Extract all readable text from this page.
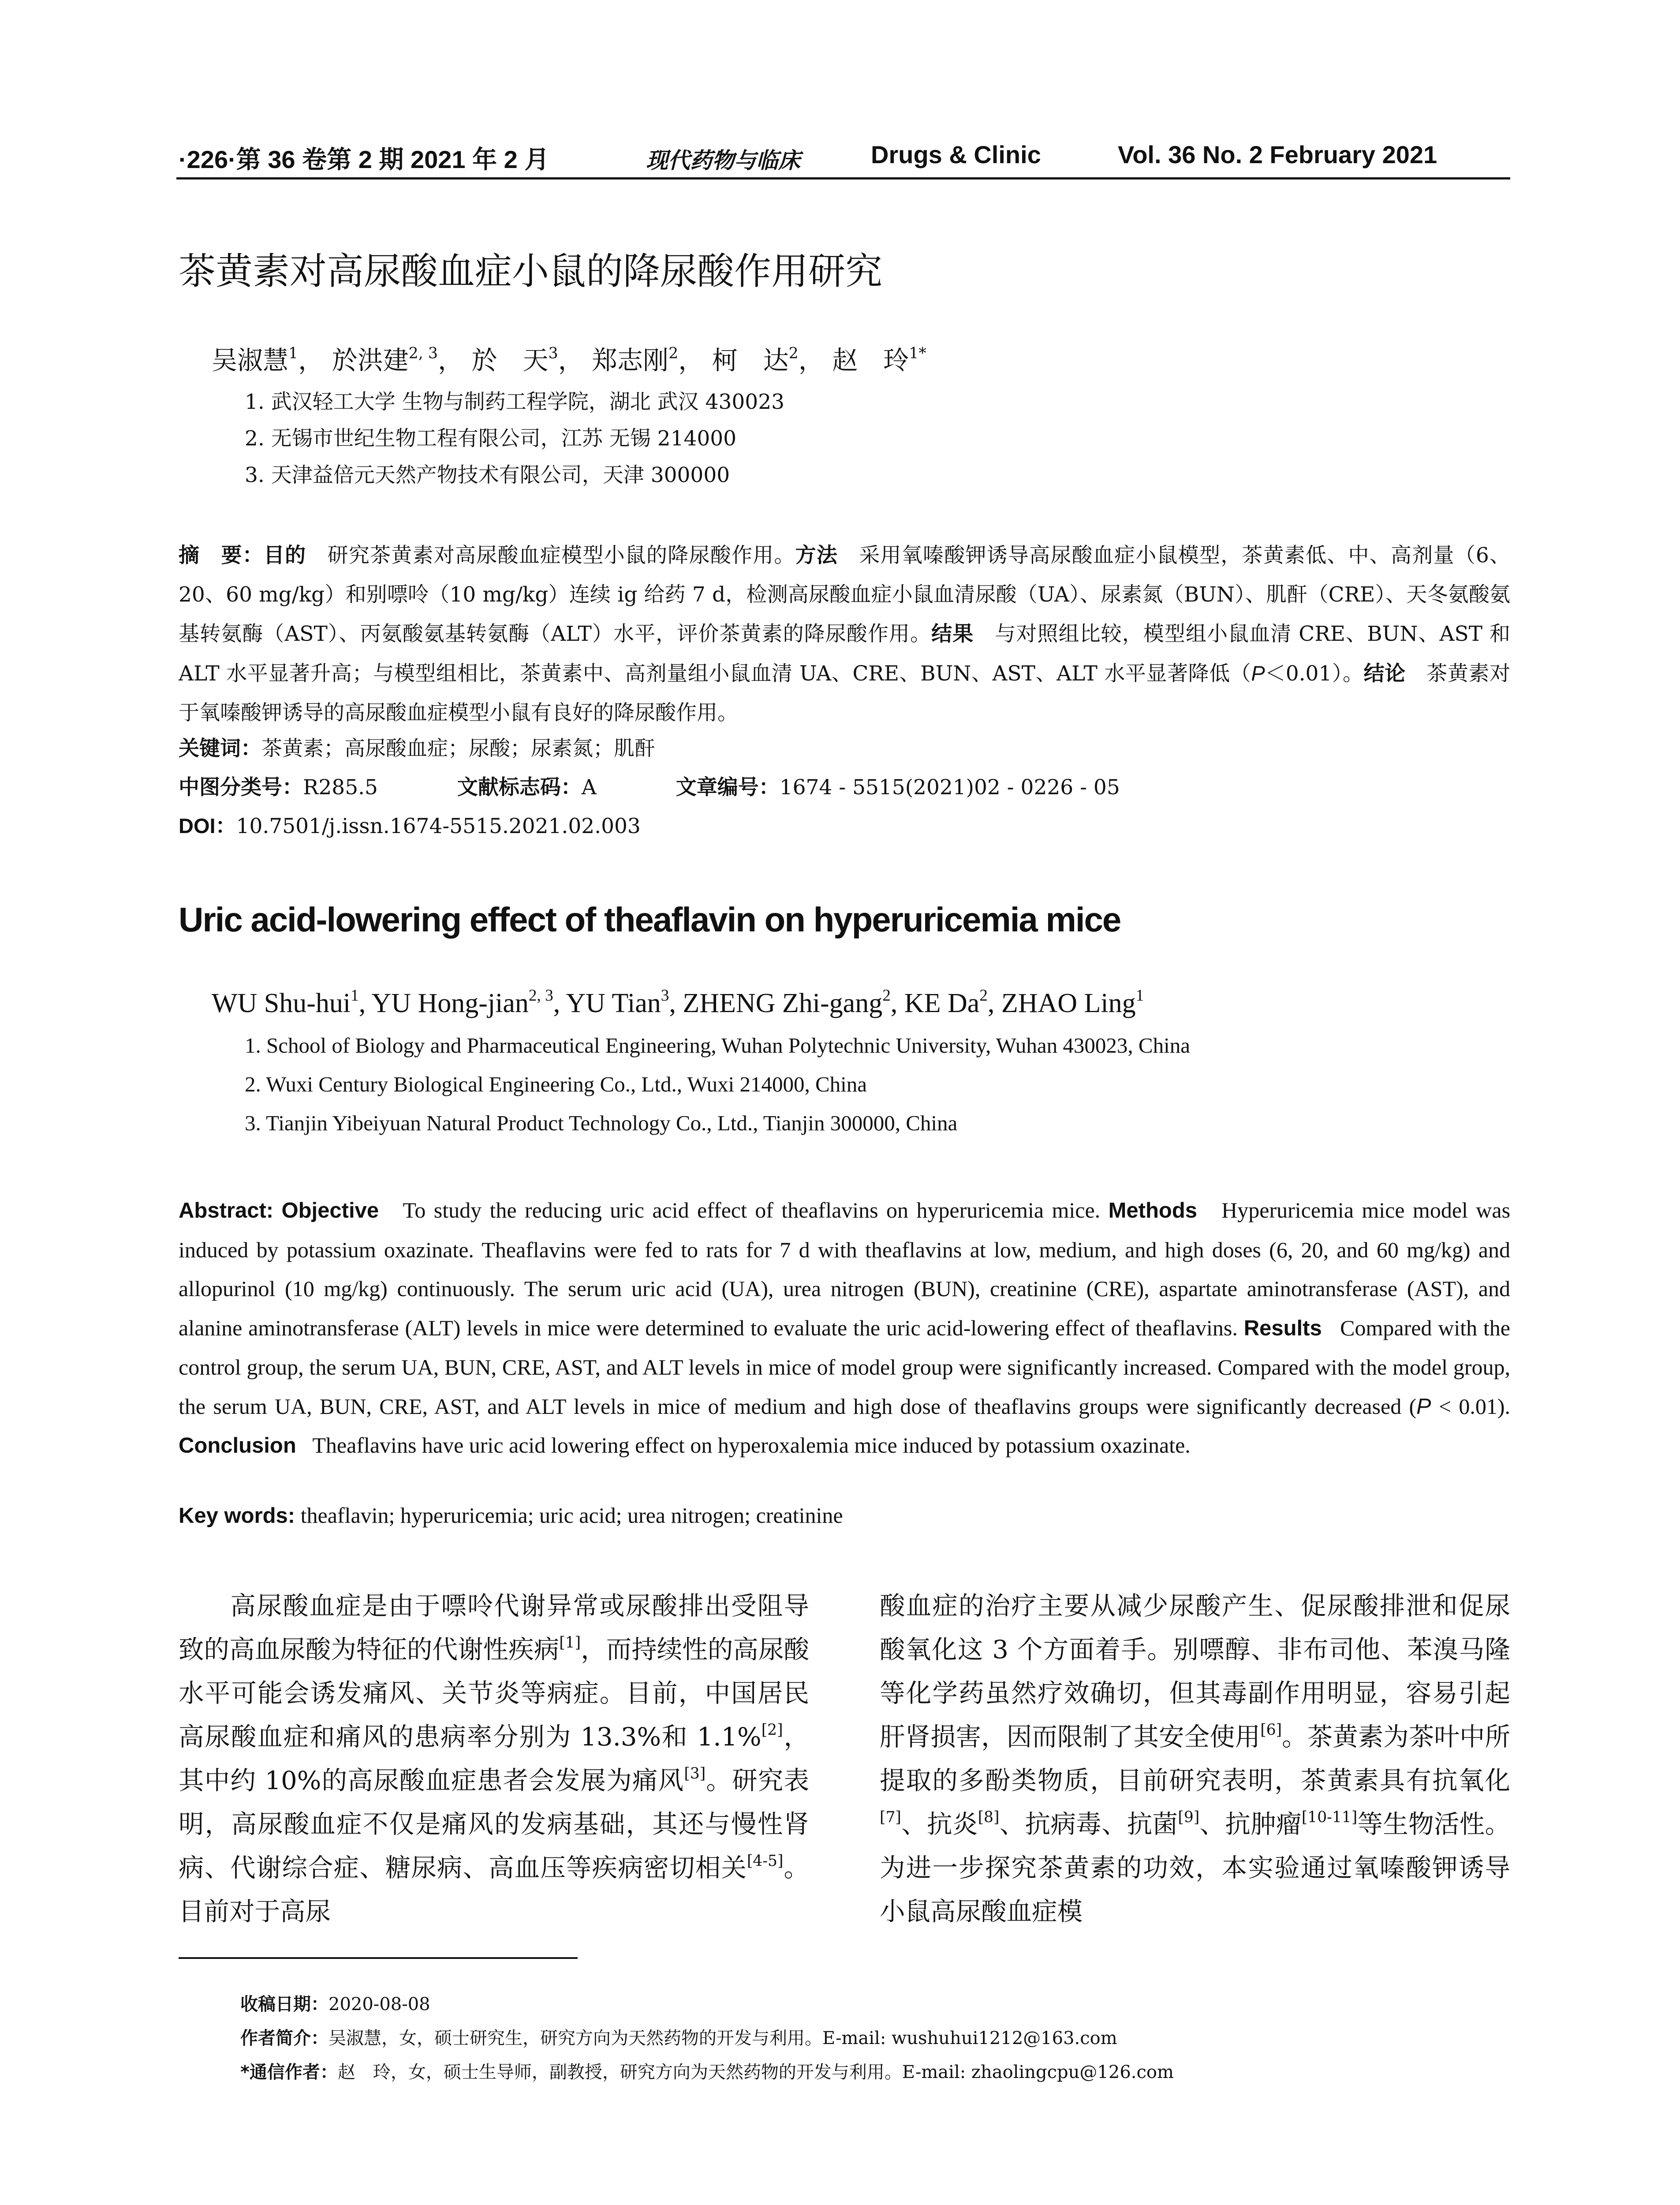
·226·第 36 卷第 2 期 2021 年 2 月	现代药物与临床	Drugs & Clinic	Vol. 36 No. 2 February 2021
茶黄素对高尿酸血症小鼠的降尿酸作用研究
吴淑慧$^1$， 於洪建$^{2, 3}$， 於　天$^3$， 郑志刚$^2$， 柯　达$^2$， 赵　玲$^{1*}$
1. 武汉轻工大学 生物与制药工程学院，湖北 武汉 430023
2. 无锡市世纪生物工程有限公司，江苏 无锡 214000
3. 天津益倍元天然产物技术有限公司，天津 300000
摘　要：目的　 研究茶黄素对高尿酸血症模型小鼠的降尿酸作用。方法　 采用氧嗪酸钾诱导高尿酸血症小鼠模型，茶黄素低、中、高剂量（6、20、60 mg/kg）和别嘌呤（10 mg/kg）连续 ig 给药 7 d，检测高尿酸血症小鼠血清尿酸（UA）、尿素氮（BUN）、肌酐（CRE）、天冬氨酸氨基转氨酶（AST）、丙氨酸氨基转氨酶（ALT）水平，评价茶黄素的降尿酸作用。结果　 与对照组比较，模型组小鼠血清 CRE、BUN、AST 和 ALT 水平显著升高；与模型组相比，茶黄素中、高剂量组小鼠血清 UA、CRE、BUN、AST、ALT 水平显著降低（P＜0.01）。结论　 茶黄素对于氧嗪酸钾诱导的高尿酸血症模型小鼠有良好的降尿酸作用。
关键词：茶黄素；高尿酸血症；尿酸；尿素氮；肌酐
中图分类号：R285.5	文献标志码：A	文章编号：1674 - 5515(2021)02 - 0226 - 05
DOI：10.7501/j.issn.1674-5515.2021.02.003
Uric acid-lowering effect of theaflavin on hyperuricemia mice
WU Shu-hui$^1$, YU Hong-jian$^{2, 3}$, YU Tian$^3$, ZHENG Zhi-gang$^2$, KE Da$^2$, ZHAO Ling$^1$
1. School of Biology and Pharmaceutical Engineering, Wuhan Polytechnic University, Wuhan 430023, China
2. Wuxi Century Biological Engineering Co., Ltd., Wuxi 214000, China
3. Tianjin Yibeiyuan Natural Product Technology Co., Ltd., Tianjin 300000, China
Abstract: Objective To study the reducing uric acid effect of theaflavins on hyperuricemia mice. Methods Hyperuricemia mice model was induced by potassium oxazinate. Theaflavins were fed to rats for 7 d with theaflavins at low, medium, and high doses (6, 20, and 60 mg/kg) and allopurinol (10 mg/kg) continuously. The serum uric acid (UA), urea nitrogen (BUN), creatinine (CRE), aspartate aminotransferase (AST), and alanine aminotransferase (ALT) levels in mice were determined to evaluate the uric acid-lowering effect of theaflavins. Results Compared with the control group, the serum UA, BUN, CRE, AST, and ALT levels in mice of model group were significantly increased. Compared with the model group, the serum UA, BUN, CRE, AST, and ALT levels in mice of medium and high dose of theaflavins groups were significantly decreased (P < 0.01). Conclusion Theaflavins have uric acid lowering effect on hyperoxalemia mice induced by potassium oxazinate.
Key words: theaflavin; hyperuricemia; uric acid; urea nitrogen; creatinine
高尿酸血症是由于嘌呤代谢异常或尿酸排出受阻导致的高血尿酸为特征的代谢性疾病[1]，而持续性的高尿酸水平可能会诱发痛风、关节炎等病症。目前，中国居民高尿酸血症和痛风的患病率分别为 13.3%和 1.1%[2]，其中约 10%的高尿酸血症患者会发展为痛风[3]。研究表明，高尿酸血症不仅是痛风的发病基础，其还与慢性肾病、代谢综合症、糖尿病、高血压等疾病密切相关[4-5]。目前对于高尿
酸血症的治疗主要从减少尿酸产生、促尿酸排泄和促尿酸氧化这 3 个方面着手。别嘌醇、非布司他、苯溴马隆等化学药虽然疗效确切，但其毒副作用明显，容易引起肝肾损害，因而限制了其安全使用[6]。茶黄素为茶叶中所提取的多酚类物质，目前研究表明，茶黄素具有抗氧化[7]、抗炎[8]、抗病毒、抗菌[9]、抗肿瘤[10-11]等生物活性。为进一步探究茶黄素的功效，本实验通过氧嗪酸钾诱导小鼠高尿酸血症模
收稿日期：2020-08-08
作者简介：吴淑慧，女，硕士研究生，研究方向为天然药物的开发与利用。E-mail: wushuhui1212@163.com
*通信作者：赵　玲，女，硕士生导师，副教授，研究方向为天然药物的开发与利用。E-mail: zhaolingcpu@126.com
